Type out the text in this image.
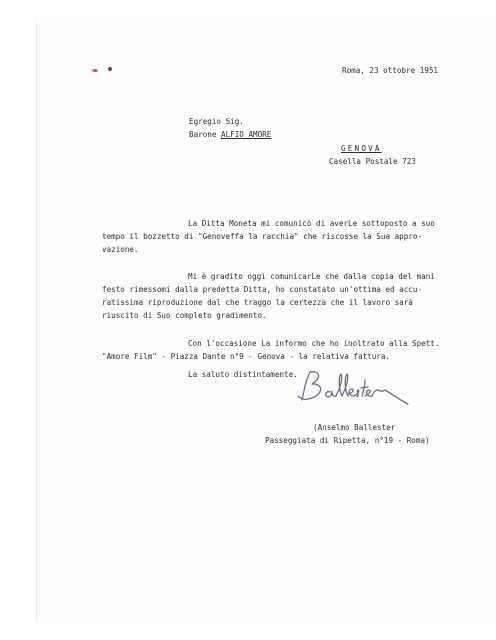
Roma, 23 ottobre 1951
Egregio Sig.
Barone ALFIO AMORE
GENOVA
Casella Postale 723
La Ditta Moneta mi comunicò di averLe sottoposto a suo
tempo il bozzetto di "Genoveffa la racchia" che riscosse la Sua appro-
vazione.
Mi è gradito oggi comunicarLe che dalla copia del mani
festo rimessomi dalla predetta Ditta, ho constatato un'ottima ed accu-
ratissima riproduzione dal che traggo la certezza che il lavoro sarà
riuscito di Suo completo gradimento.
Con l'occasione La informo che ho inoltrato alla Spett.
"Amore Film" - Piazza Dante n°9 - Genova - la relativa fattura.
La saluto distintamente.
(Anselmo Ballester
Passeggiata di Ripetta, n°19 - Roma)
